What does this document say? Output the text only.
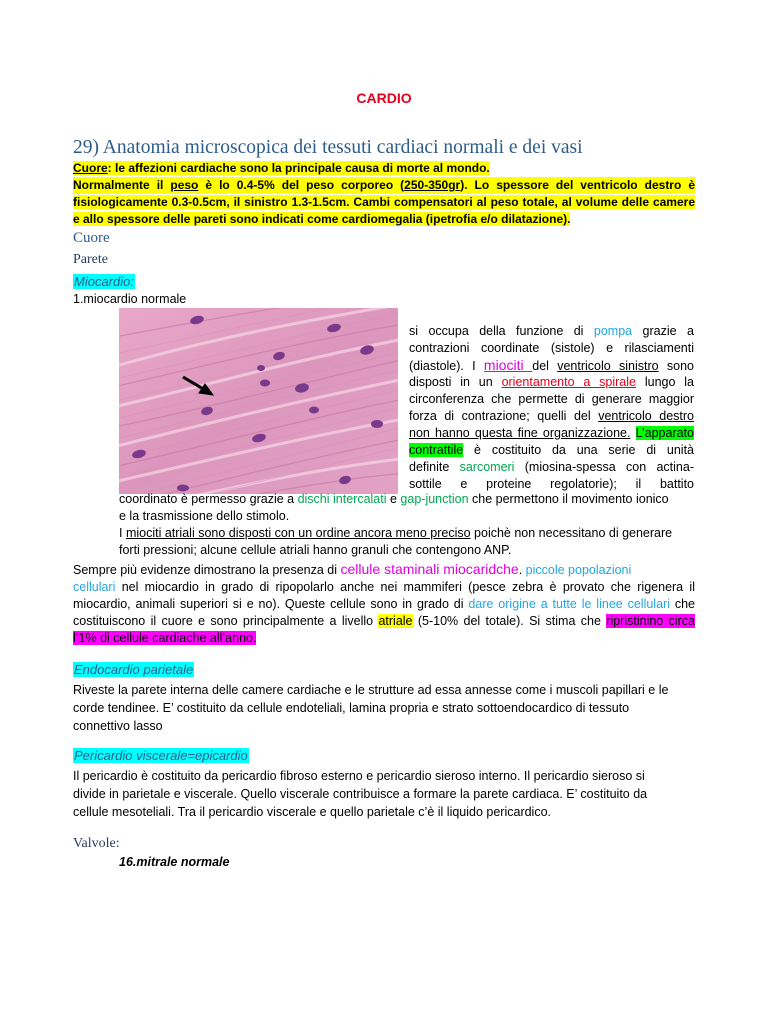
CARDIO
29) Anatomia microscopica dei tessuti cardiaci normali e dei vasi
Cuore: le affezioni cardiache sono la principale causa di morte al mondo.
Normalmente il peso è lo 0.4-5% del peso corporeo (250-350gr). Lo spessore del ventricolo destro è
fisiologicamente 0.3-0.5cm, il sinistro 1.3-1.5cm. Cambi compensatori al peso totale, al volume delle camere
e allo spessore delle pareti sono indicati come cardiomegalia (ipetrofia e/o dilatazione).
Cuore
Parete
Miocardio:
1.miocardio normale
si occupa della funzione di pompa grazie a
contrazioni coordinate (sistole) e rilasciamenti
(diastole). I miociti del ventricolo sinistro sono
disposti in un orientamento a spirale lungo la
circonferenza che permette di generare maggior
forza di contrazione; quelli del ventricolo destro
non hanno questa fine organizzazione. L’apparato
contrattile è costituito da una serie di unità
definite sarcomeri (miosina-spessa con actina-
sottile e proteine regolatorie); il battito
coordinato è permesso grazie a dischi intercalati e gap-junction che permettono il movimento ionico
e la trasmissione dello stimolo.
I miociti atriali sono disposti con un ordine ancora meno preciso poichè non necessitano di generare
forti pressioni; alcune cellule atriali hanno granuli che contengono ANP.
Sempre più evidenze dimostrano la presenza di cellule staminali miocaridche. piccole popolazioni
cellulari nel miocardio in grado di ripopolarlo anche nei mammiferi (pesce zebra è provato che rigenera il
miocardio, animali superiori si e no). Queste cellule sono in grado di dare origine a tutte le linee cellulari che
costituiscono il cuore e sono principalmente a livello atriale (5-10% del totale). Si stima che ripristinino circa
l’1% di cellule cardiache all’anno.
Endocardio parietale
Riveste la parete interna delle camere cardiache e le strutture ad essa annesse come i muscoli papillari e le
corde tendinee. E’ costituito da cellule endoteliali, lamina propria e strato sottoendocardico di tessuto
connettivo lasso
Pericardio viscerale=epicardio
Il pericardio è costituito da pericardio fibroso esterno e pericardio sieroso interno. Il pericardio sieroso si
divide in parietale e viscerale. Quello viscerale contribuisce a formare la parete cardiaca. E’ costituito da
cellule mesoteliali. Tra il pericardio viscerale e quello parietale c’è il liquido pericardico.
Valvole:
16.mitrale normale
